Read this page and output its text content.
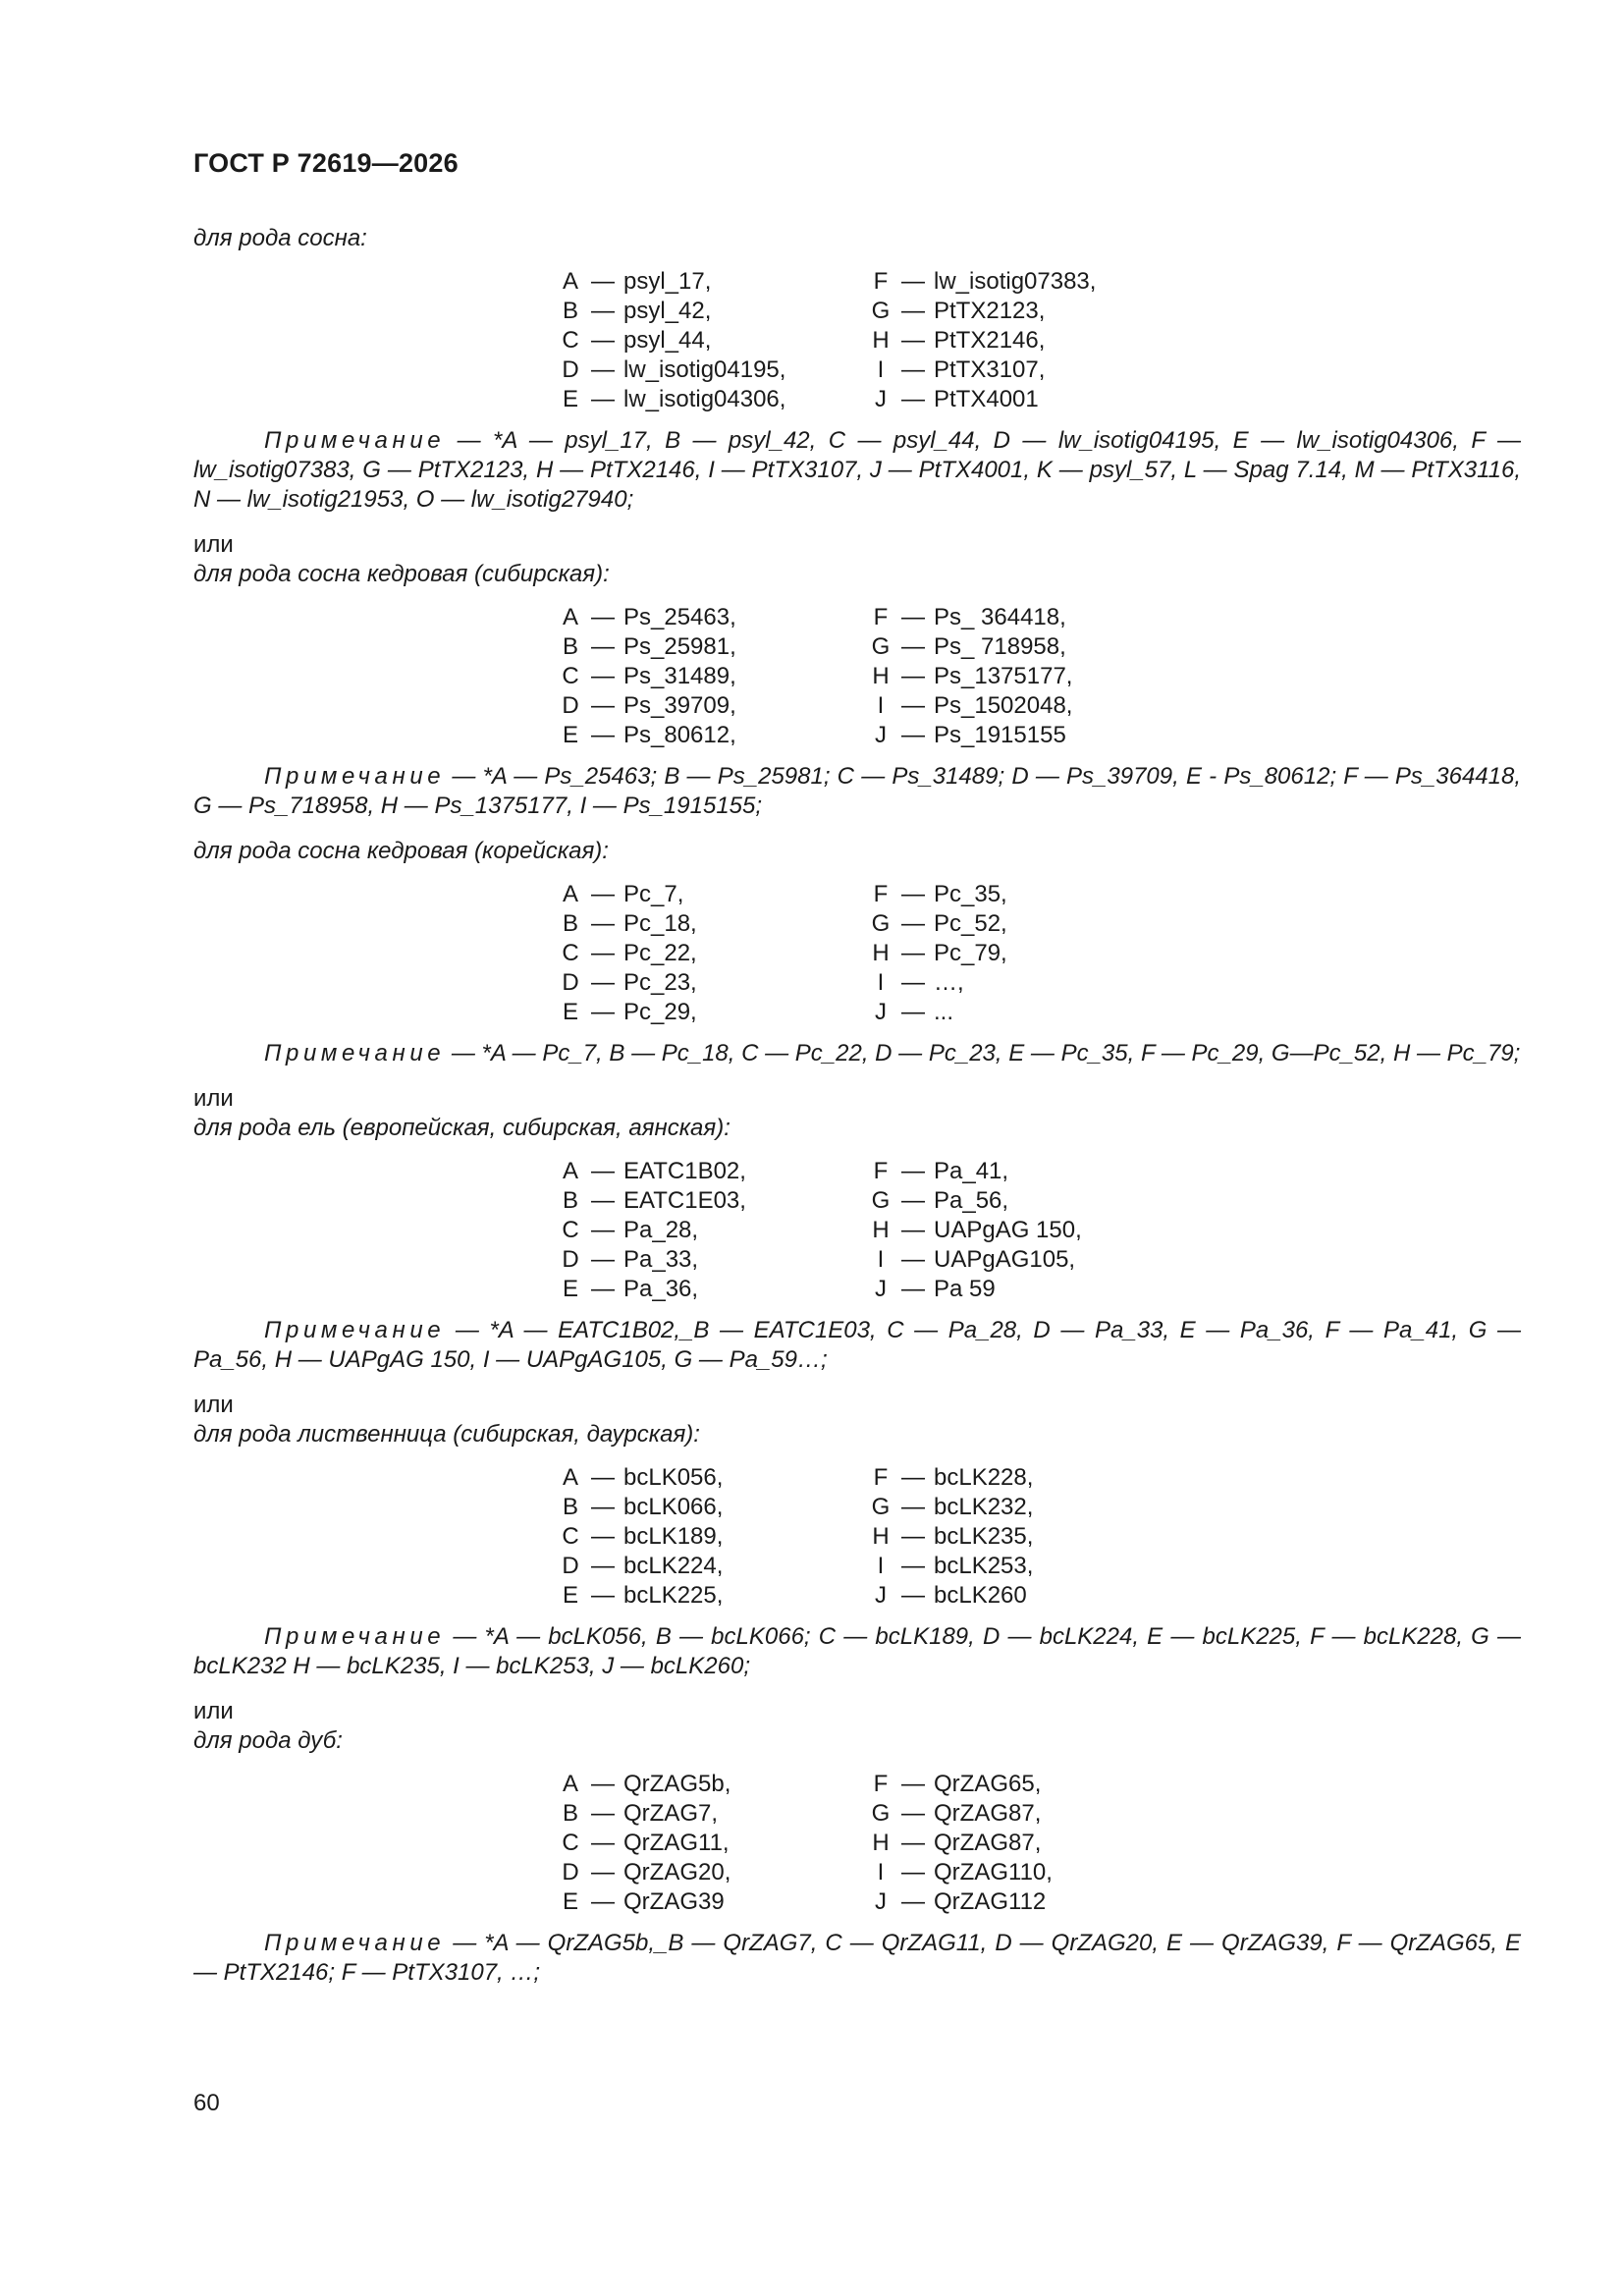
ГОСТ Р 72619—2026

для рода сосна:

A — psyl_17,
B — psyl_42,
C — psyl_44,
D — lw_isotig04195,
E — lw_isotig04306,
F — lw_isotig07383,
G — PtTX2123,
H — PtTX2146,
I — PtTX3107,
J — PtTX4001

Примечание — *A — psyl_17, B — psyl_42, C — psyl_44, D — lw_isotig04195, E — lw_isotig04306, F — lw_isotig07383, G — PtTX2123, H — PtTX2146, I — PtTX3107, J — PtTX4001, K — psyl_57, L — Spag 7.14, M — PtTX3116, N — lw_isotig21953, O — lw_isotig27940;

или

для рода сосна кедровая (сибирская):

A — Ps_25463,
B — Ps_25981,
C — Ps_31489,
D — Ps_39709,
E — Ps_80612,
F — Ps_ 364418,
G — Ps_ 718958,
H — Ps_1375177,
I — Ps_1502048,
J — Ps_1915155

Примечание — *A — Ps_25463; B — Ps_25981; C — Ps_31489; D — Ps_39709, E - Ps_80612; F — Ps_364418, G — Ps_718958, H — Ps_1375177, I — Ps_1915155;

для рода сосна кедровая (корейская):

A — Pc_7,
B — Pc_18,
C — Pc_22,
D — Pc_23,
E — Pc_29,
F — Pc_35,
G — Pc_52,
H — Pc_79,
I — …,
J — ...

Примечание — *A — Pc_7, B — Pc_18, C — Pc_22, D — Pc_23, E — Pc_35, F — Pc_29, G—Pc_52, H — Pc_79;

или

для рода ель (европейская, сибирская, аянская):

A — EATC1B02,
B — EATC1E03,
C — Pa_28,
D — Pa_33,
E — Pa_36,
F — Pa_41,
G — Pa_56,
H — UAPgAG 150,
I — UAPgAG105,
J — Pa 59

Примечание — *A — EATC1B02,_B — EATC1E03, C — Pa_28, D — Pa_33, E — Pa_36, F — Pa_41, G — Pa_56, H — UAPgAG 150, I — UAPgAG105, G — Pa_59…;

или

для рода лиственница (сибирская, даурская):

A — bcLK056,
B — bcLK066,
C — bcLK189,
D — bcLK224,
E — bcLK225,
F — bcLK228,
G — bcLK232,
H — bcLK235,
I — bcLK253,
J — bcLK260

Примечание — *A — bcLK056, B — bcLK066; C — bcLK189, D — bcLK224, E — bcLK225, F — bcLK228, G — bcLK232 H — bcLK235, I — bcLK253, J — bcLK260;

или

для рода дуб:

A — QrZAG5b,
B — QrZAG7,
C — QrZAG11,
D — QrZAG20,
E — QrZAG39
F — QrZAG65,
G — QrZAG87,
H — QrZAG87,
I — QrZAG110,
J — QrZAG112

Примечание — *A — QrZAG5b,_B — QrZAG7, C — QrZAG11, D — QrZAG20, E — QrZAG39, F — QrZAG65, E — PtTX2146; F — PtTX3107, …;

60
